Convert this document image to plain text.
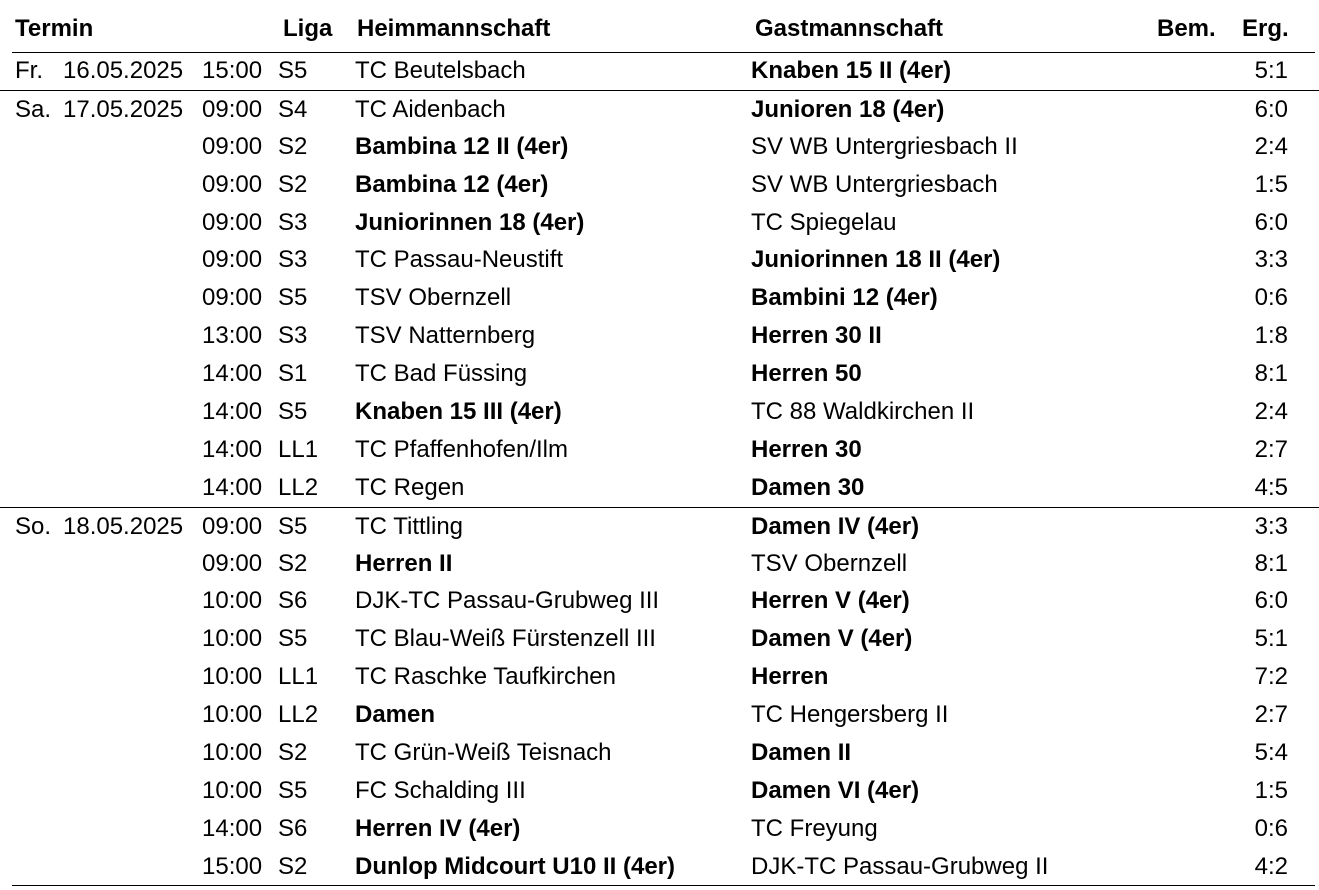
Termin	Liga Heimmannschaft	Gastmannschaft	Bem. Erg.
Fr. 16.05.2025 15:00 S5 TC Beutelsbach	Knaben 15 II (4er)	5:1
Sa. 17.05.2025 09:00 S4 TC Aidenbach	Junioren 18 (4er)	6:0
09:00 S2 Bambina 12 II (4er)	SV WB Untergriesbach II	2:4
09:00 S2 Bambina 12 (4er)	SV WB Untergriesbach	1:5
09:00 S3 Juniorinnen 18 (4er)	TC Spiegelau	6:0
09:00 S3 TC Passau-Neustift	Juniorinnen 18 II (4er)	3:3
09:00 S5 TSV Obernzell	Bambini 12 (4er)	0:6
13:00 S3 TSV Natternberg	Herren 30 II	1:8
14:00 S1 TC Bad Füssing	Herren 50	8:1
14:00 S5 Knaben 15 III (4er)	TC 88 Waldkirchen II	2:4
14:00 LL1 TC Pfaffenhofen/Ilm	Herren 30	2:7
14:00 LL2 TC Regen	Damen 30	4:5
So. 18.05.2025 09:00 S5 TC Tittling	Damen IV (4er)	3:3
09:00 S2 Herren II	TSV Obernzell	8:1
10:00 S6 DJK-TC Passau-Grubweg III	Herren V (4er)	6:0
10:00 S5 TC Blau-Weiß Fürstenzell III	Damen V (4er)	5:1
10:00 LL1 TC Raschke Taufkirchen	Herren	7:2
10:00 LL2 Damen	TC Hengersberg II	2:7
10:00 S2 TC Grün-Weiß Teisnach	Damen II	5:4
10:00 S5 FC Schalding III	Damen VI (4er)	1:5
14:00 S6 Herren IV (4er)	TC Freyung	0:6
15:00 S2 Dunlop Midcourt U10 II (4er)	DJK-TC Passau-Grubweg II	4:2
